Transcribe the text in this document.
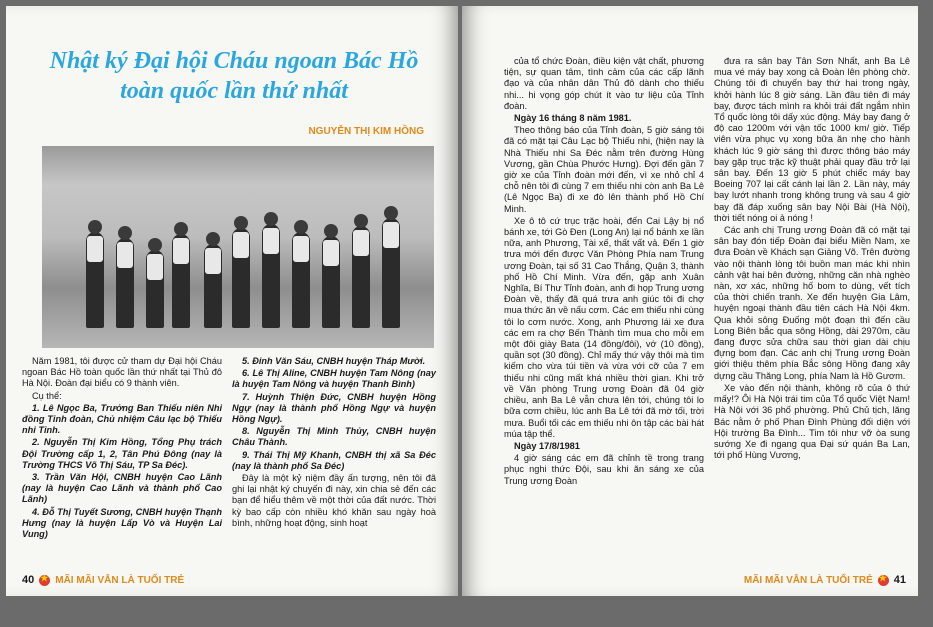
Nhật ký Đại hội Cháu ngoan Bác Hồ
toàn quốc lần thứ nhất
NGUYỄN THỊ KIM HỒNG

Năm 1981, tôi được cử tham dự Đại hội Cháu ngoan Bác Hồ toàn quốc lần thứ nhất tại Thủ đô Hà Nội. Đoàn đại biểu có 9 thành viên.

Cụ thể:

1. Lê Ngọc Ba, Trưởng Ban Thiếu niên Nhi đồng Tỉnh đoàn, Chủ nhiệm Câu lạc bộ Thiếu nhi Tỉnh.

2. Nguyễn Thị Kim Hồng, Tổng Phụ trách Đội Trường cấp 1, 2, Tân Phú Đông (nay là Trường THCS Võ Thị Sáu, TP Sa Đéc).

3. Trần Văn Hội, CNBH huyện Cao Lãnh (nay là huyện Cao Lãnh và thành phố Cao Lãnh)

4. Đỗ Thị Tuyết Sương, CNBH huyện Thạnh Hưng (nay là huyện Lấp Vò và Huyện Lai Vung)

5. Đinh Văn Sáu, CNBH huyện Tháp Mười.

6. Lê Thị Aline, CNBH huyện Tam Nông (nay là huyện Tam Nông và huyện Thanh Bình)

7. Huỳnh Thiện Đức, CNBH huyện Hồng Ngự (nay là thành phố Hồng Ngự và huyện Hồng Ngự).

8. Nguyễn Thị Minh Thủy, CNBH huyện Châu Thành.

9. Thái Thị Mỹ Khanh, CNBH thị xã Sa Đéc (nay là thành phố Sa Đéc)

Đây là một kỷ niệm đầy ấn tượng, nên tôi đã ghi lại nhật ký chuyến đi này, xin chia sẻ đến các bạn để hiểu thêm về một thời của đất nước. Thời kỳ bao cấp còn nhiều khó khăn sau ngày hoà bình, những hoạt động, sinh hoạt

40 ★ MÃI MÃI VẪN LÀ TUỔI TRẺ

của tổ chức Đoàn, điều kiện vật chất, phương tiện, sự quan tâm, tình cảm của các cấp lãnh đạo và của nhân dân Thủ đô dành cho thiếu nhi... hi vọng góp chút ít vào tư liệu của Tỉnh đoàn.

Ngày 16 tháng 8 năm 1981.

Theo thông báo của Tỉnh đoàn, 5 giờ sáng tôi đã có mặt tại Câu Lạc bộ Thiếu nhi, (hiện nay là Nhà Thiếu nhi Sa Đéc nằm trên đường Hùng Vương, gần Chùa Phước Hưng). Đợi đến gần 7 giờ xe của Tỉnh đoàn mới đến, vì xe nhỏ chỉ 4 chỗ nên tôi đi cùng 7 em thiếu nhi còn anh Ba Lê (Lê Ngọc Ba) đi xe đò lên thành phố Hồ Chí Minh.

Xe ô tô cứ trục trặc hoài, đến Cai Lậy bị nổ bánh xe, tới Gò Đen (Long An) lại nổ bánh xe lần nữa, anh Phương, Tài xế, thất vất vả. Đến 1 giờ trưa mới đến được Văn Phòng Phía nam Trung ương Đoàn, tại số 31 Cao Thắng, Quận 3, thành phố Hồ Chí Minh. Vừa đến, gặp anh Xuân Nghĩa, Bí Thư Tỉnh đoàn, anh đi họp Trung ương Đoàn về, thấy đã quá trưa anh giúc tôi đi chợ mua thức ăn về nấu cơm. Các em thiếu nhi cùng tôi lo cơm nước. Xong, anh Phương lái xe đưa các em ra chợ Bến Thành tìm mua cho mỗi em một đôi giày Bata (14 đồng/đôi), vớ (10 đồng), quần sọt (30 đồng). Chỉ mấy thứ vậy thôi mà tìm kiếm cho vừa túi tiền và vừa với cỡ của 7 em thiếu nhi cũng mất khá nhiều thời gian. Khi trở về Văn phòng Trung ương Đoàn đã 04 giờ chiều, anh Ba Lê vẫn chưa lên tới, chúng tôi lo bữa cơm chiều, lúc anh Ba Lê tới đã mờ tối, trời mưa. Buổi tối các em thiếu nhi ôn tập các bài hát múa tập thể.

Ngày 17/8/1981

4 giờ sáng các em đã chỉnh tề trong trang phục nghi thức Đội, sau khi ăn sáng xe của Trung ương Đoàn

đưa ra sân bay Tân Sơn Nhất, anh Ba Lê mua vé máy bay xong cả Đoàn lên phòng chờ. Chúng tôi đi chuyến bay thứ hai trong ngày, khởi hành lúc 8 giờ sáng. Lần đầu tiên đi máy bay, được tách mình ra khỏi trái đất ngắm nhìn Tổ quốc lòng tôi dấy xúc động. Máy bay đang ở độ cao 1200m với vận tốc 1000 km/ giờ. Tiếp viên vừa phục vụ xong bữa ăn nhẹ cho hành khách lúc 9 giờ sáng thì được thông báo máy bay gặp trục trặc kỹ thuật phải quay đầu trở lại sân bay. Đến 13 giờ 5 phút chiếc máy bay Boeing 707 lại cất cánh lại lần 2. Lần này, máy bay lướt nhanh trong không trung và sau 4 giờ bay đã đáp xuống sân bay Nội Bài (Hà Nội), thời tiết nóng oi ả nóng !

Các anh chị Trung ương Đoàn đã có mặt tại sân bay đón tiếp Đoàn đại biểu Miền Nam, xe đưa Đoàn về Khách sạn Giảng Võ. Trên đường vào nội thành lòng tôi buồn man mác khi nhìn cảnh vật hai bên đường, những căn nhà nghèo nàn, xơ xác, những hố bom to dùng, vết tích của thời chiến tranh. Xe đến huyện Gia Lâm, huyện ngoại thành đầu tiên cách Hà Nội 4km. Qua khỏi sông Đuống một đoạn thì đến cầu Long Biên bắc qua sông Hồng, dài 2970m, cầu đang được sửa chữa sau thời gian dài chịu đựng bom đạn. Các anh chị Trung ương Đoàn giới thiệu thêm phía Bắc sông Hồng đang xây dựng cầu Thăng Long, phía Nam là Hồ Gươm.

Xe vào đến nội thành, không rõ của ô thứ mấy!? Ôi Hà Nội trái tim của Tổ quốc Việt Nam! Hà Nội với 36 phố phường. Phủ Chủ tịch, lăng Bác nằm ở phố Phan Đình Phùng đối diện với Hội trường Ba Đình... Tim tôi như vỡ òa sung sướng Xe đi ngang qua Đại sứ quán Ba Lan, tới phố Hùng Vương,

MÃI MÃI VẪN LÀ TUỔI TRẺ ★ 41
